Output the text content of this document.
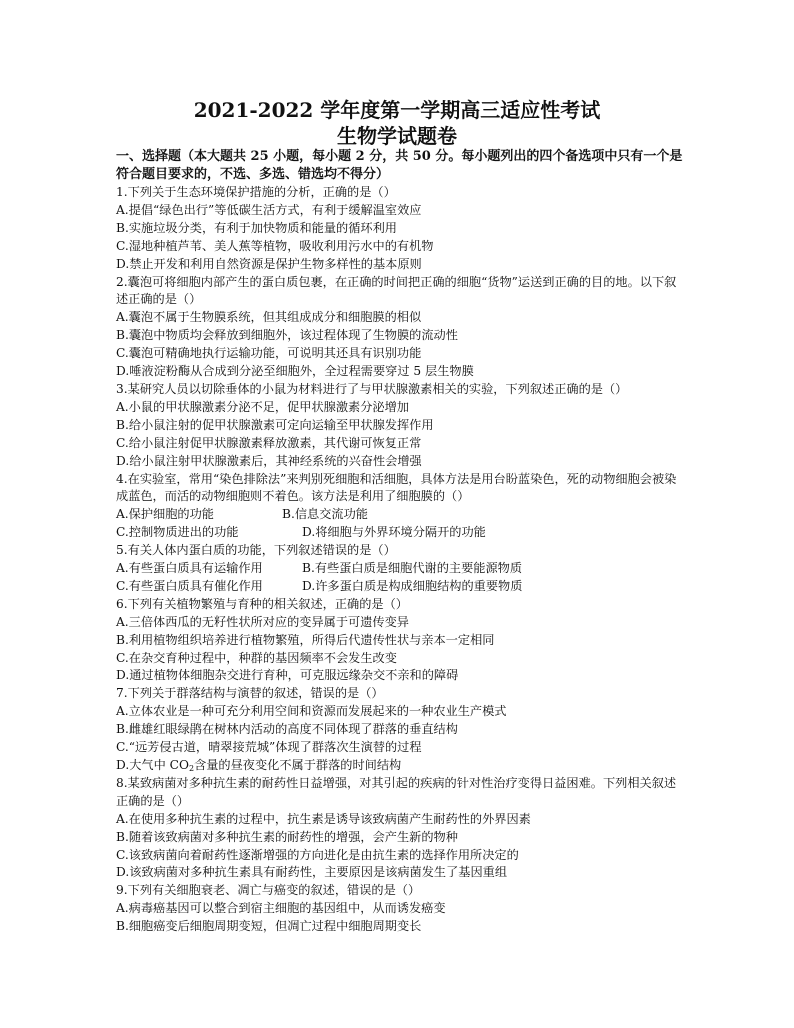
2021-2022 学年度第一学期高三适应性考试
生物学试题卷
一、选择题（本大题共 25 小题，每小题 2 分，共 50 分。每小题列出的四个备选项中只有一个是符合题目要求的，不选、多选、错选均不得分）

1.下列关于生态环境保护措施的分析，正确的是（）

A.提倡“绿色出行”等低碳生活方式，有利于缓解温室效应

B.实施垃圾分类，有利于加快物质和能量的循环利用

C.湿地种植芦苇、美人蕉等植物，吸收利用污水中的有机物

D.禁止开发和利用自然资源是保护生物多样性的基本原则

2.囊泡可将细胞内部产生的蛋白质包裹，在正确的时间把正确的细胞“货物”运送到正确的目的地。以下叙述正确的是（）

A.囊泡不属于生物膜系统，但其组成成分和细胞膜的相似

B.囊泡中物质均会释放到细胞外，该过程体现了生物膜的流动性

C.囊泡可精确地执行运输功能，可说明其还具有识别功能

D.唾液淀粉酶从合成到分泌至细胞外，全过程需要穿过 5 层生物膜

3.某研究人员以切除垂体的小鼠为材料进行了与甲状腺激素相关的实验，下列叙述正确的是（）

A.小鼠的甲状腺激素分泌不足，促甲状腺激素分泌增加

B.给小鼠注射的促甲状腺激素可定向运输至甲状腺发挥作用

C.给小鼠注射促甲状腺激素释放激素，其代谢可恢复正常

D.给小鼠注射甲状腺激素后，其神经系统的兴奋性会增强

4.在实验室，常用“染色排除法”来判别死细胞和活细胞，具体方法是用台盼蓝染色，死的动物细胞会被染成蓝色，而活的动物细胞则不着色。该方法是利用了细胞膜的（）

A.保护细胞的功能	B.信息交流功能
C.控制物质进出的功能	D.将细胞与外界环境分隔开的功能

5.有关人体内蛋白质的功能，下列叙述错误的是（）

A.有些蛋白质具有运输作用	B.有些蛋白质是细胞代谢的主要能源物质
C.有些蛋白质具有催化作用	D.许多蛋白质是构成细胞结构的重要物质

6.下列有关植物繁殖与育种的相关叙述，正确的是（）

A.三倍体西瓜的无籽性状所对应的变异属于可遗传变异

B.利用植物组织培养进行植物繁殖，所得后代遗传性状与亲本一定相同

C.在杂交育种过程中，种群的基因频率不会发生改变

D.通过植物体细胞杂交进行育种，可克服远缘杂交不亲和的障碍

7.下列关于群落结构与演替的叙述，错误的是（）

A.立体农业是一种可充分利用空间和资源而发展起来的一种农业生产模式

B.雌雄红眼绿鹃在树林内活动的高度不同体现了群落的垂直结构

C.“远芳侵古道，晴翠接荒城”体现了群落次生演替的过程

D.大气中 $CO_2$含量的昼夜变化不属于群落的时间结构

8.某致病菌对多种抗生素的耐药性日益增强，对其引起的疾病的针对性治疗变得日益困难。下列相关叙述正确的是（）

A.在使用多种抗生素的过程中，抗生素是诱导该致病菌产生耐药性的外界因素

B.随着该致病菌对多种抗生素的耐药性的增强，会产生新的物种

C.该致病菌向着耐药性逐渐增强的方向进化是由抗生素的选择作用所决定的

D.该致病菌对多种抗生素具有耐药性，主要原因是该病菌发生了基因重组

9.下列有关细胞衰老、凋亡与癌变的叙述，错误的是（）

A.病毒癌基因可以整合到宿主细胞的基因组中，从而诱发癌变

B.细胞癌变后细胞周期变短，但凋亡过程中细胞周期变长
